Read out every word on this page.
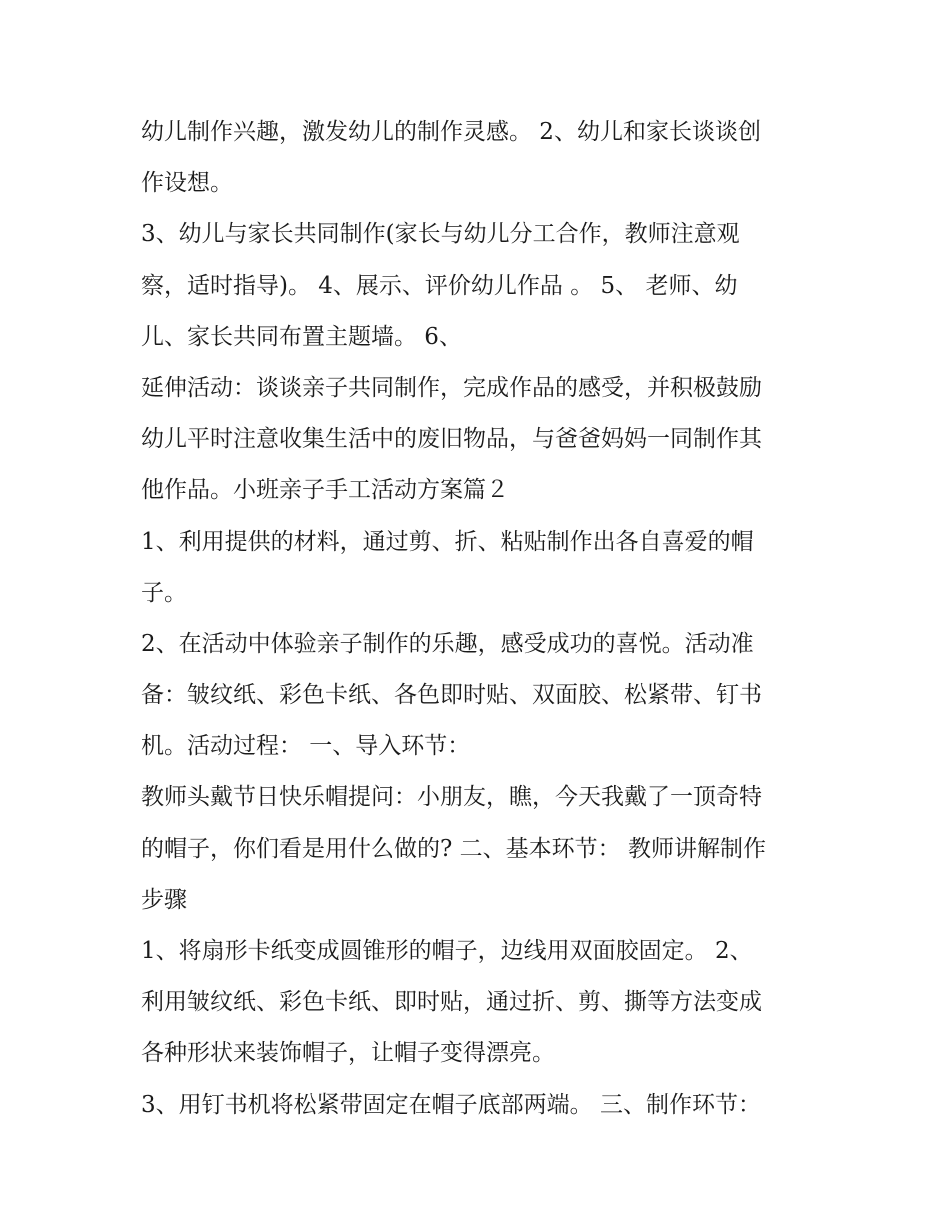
幼儿制作兴趣，激发幼儿的制作灵感。 2、幼儿和家长谈谈创
作设想。
3、幼儿与家长共同制作(家长与幼儿分工合作，教师注意观
察，适时指导)。 4、展示、评价幼儿作品 。 5、 老师、幼
儿、家长共同布置主题墙。 6、
延伸活动：谈谈亲子共同制作，完成作品的感受，并积极鼓励
幼儿平时注意收集生活中的废旧物品，与爸爸妈妈一同制作其
他作品。小班亲子手工活动方案篇２
1、利用提供的材料，通过剪、折、粘贴制作出各自喜爱的帽
子。
2、在活动中体验亲子制作的乐趣，感受成功的喜悦。活动准
备：皱纹纸、彩色卡纸、各色即时贴、双面胶、松紧带、钉书
机。活动过程： 一、导入环节：
教师头戴节日快乐帽提问：小朋友，瞧，今天我戴了一顶奇特
的帽子，你们看是用什么做的? 二、基本环节： 教师讲解制作
步骤
1、将扇形卡纸变成圆锥形的帽子，边线用双面胶固定。 2、
利用皱纹纸、彩色卡纸、即时贴，通过折、剪、撕等方法变成
各种形状来装饰帽子，让帽子变得漂亮。
3、用钉书机将松紧带固定在帽子底部两端。 三、制作环节：
